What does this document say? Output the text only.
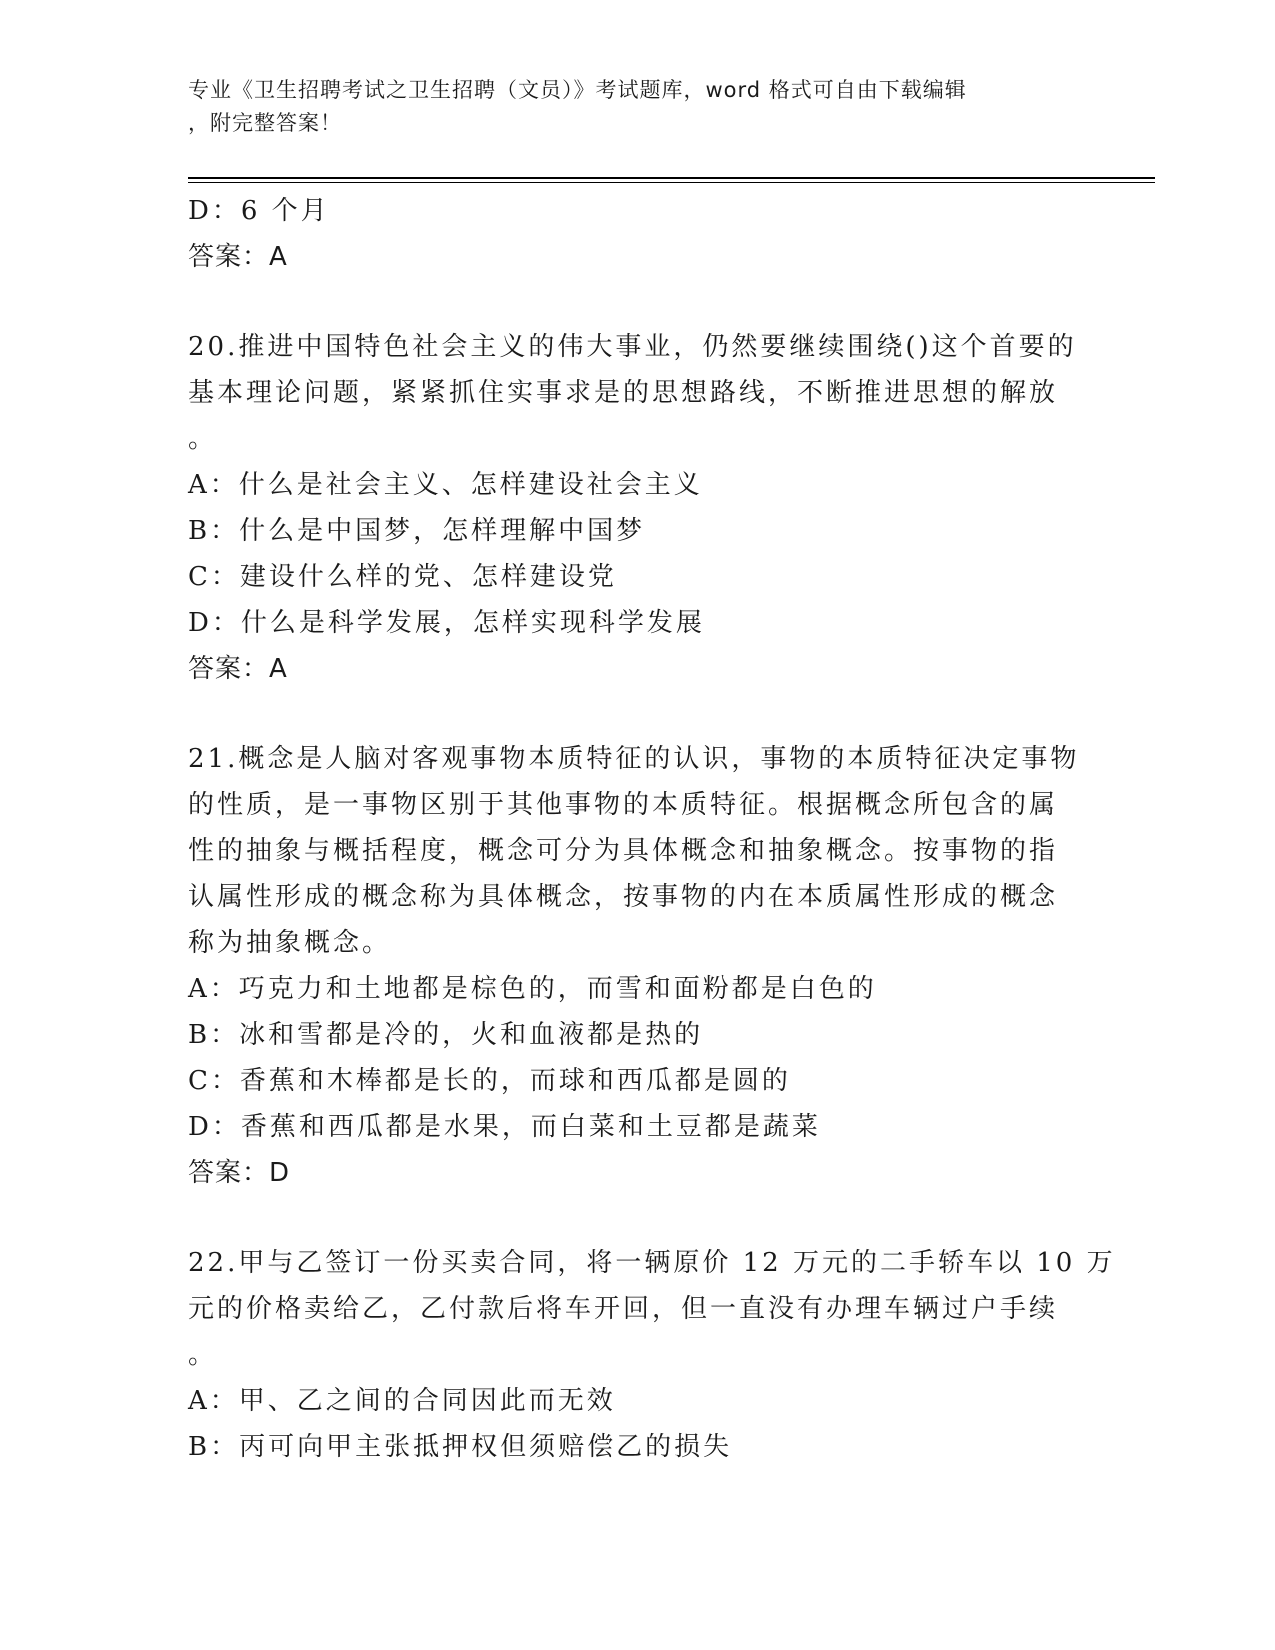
专业《卫生招聘考试之卫生招聘（文员）》考试题库，word 格式可自由下载编辑
，附完整答案！
D：6 个月
答案：A
20.推进中国特色社会主义的伟大事业，仍然要继续围绕()这个首要的
基本理论问题，紧紧抓住实事求是的思想路线，不断推进思想的解放
。
A：什么是社会主义、怎样建设社会主义
B：什么是中国梦，怎样理解中国梦
C：建设什么样的党、怎样建设党
D：什么是科学发展，怎样实现科学发展
答案：A
21.概念是人脑对客观事物本质特征的认识，事物的本质特征决定事物
的性质，是一事物区别于其他事物的本质特征。根据概念所包含的属
性的抽象与概括程度，概念可分为具体概念和抽象概念。按事物的指
认属性形成的概念称为具体概念，按事物的内在本质属性形成的概念
称为抽象概念。
A：巧克力和土地都是棕色的，而雪和面粉都是白色的
B：冰和雪都是冷的，火和血液都是热的
C：香蕉和木棒都是长的，而球和西瓜都是圆的
D：香蕉和西瓜都是水果，而白菜和土豆都是蔬菜
答案：D
22.甲与乙签订一份买卖合同，将一辆原价 12 万元的二手轿车以 10 万
元的价格卖给乙，乙付款后将车开回，但一直没有办理车辆过户手续
。
A：甲、乙之间的合同因此而无效
B：丙可向甲主张抵押权但须赔偿乙的损失
